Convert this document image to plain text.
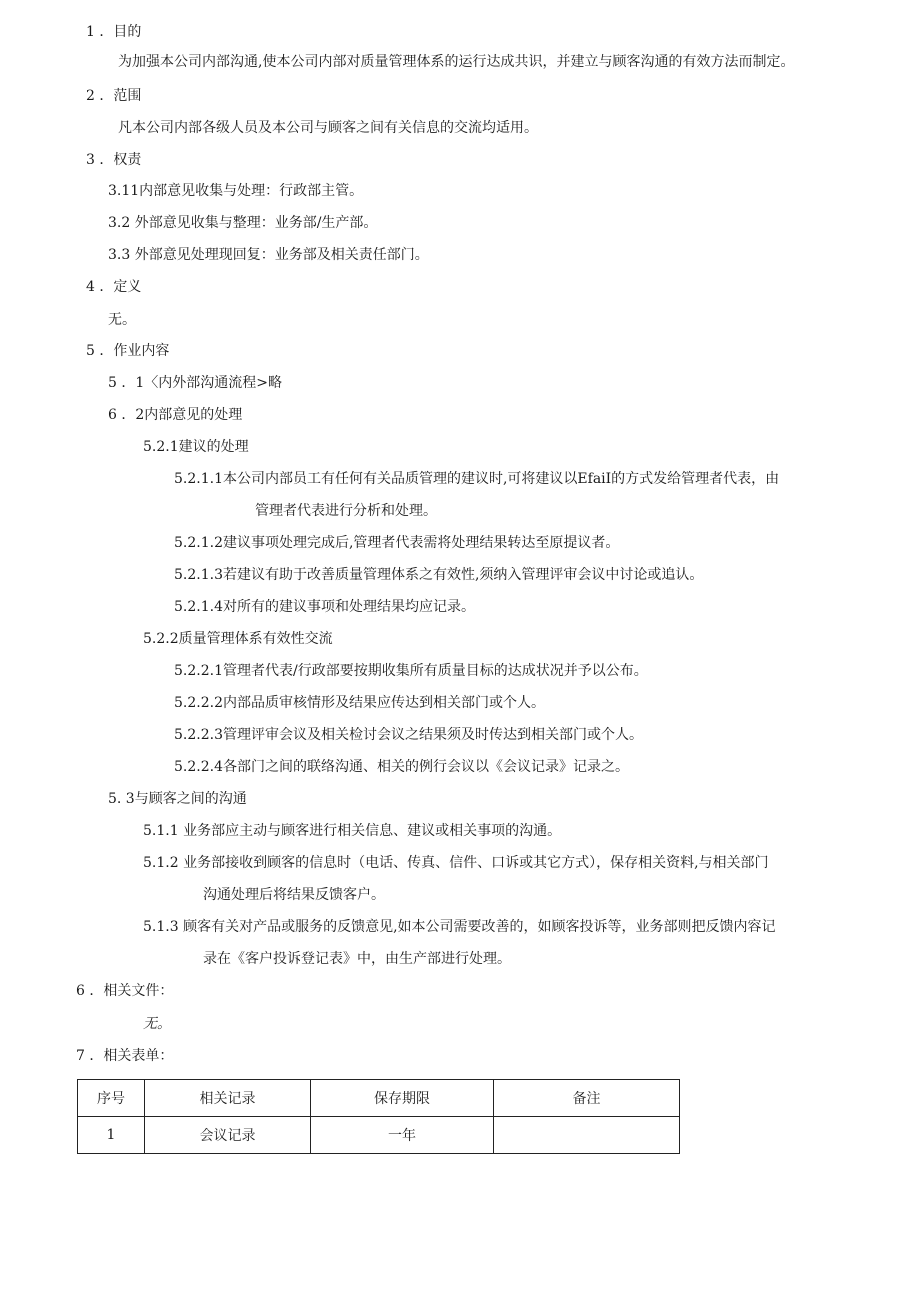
1 ．目的
为加强本公司内部沟通,使本公司内部对质量管理体系的运行达成共识，并建立与顾客沟通的有效方法而制定。
2 ．范围
凡本公司内部各级人员及本公司与顾客之间有关信息的交流均适用。
3 ．权责
3.11内部意见收集与处理：行政部主管。
3.2 外部意见收集与整理：业务部/生产部。
3.3 外部意见处理现回复：业务部及相关责任部门。
4 ．定义
无。
5 ．作业内容
5 ．1〈内外部沟通流程>略
6 ．2内部意见的处理
5.2.1建议的处理
5.2.1.1本公司内部员工有任何有关品质管理的建议时,可将建议以EfaiI的方式发给管理者代表，由
管理者代表进行分析和处理。
5.2.1.2建议事项处理完成后,管理者代表需将处理结果转达至原提议者。
5.2.1.3若建议有助于改善质量管理体系之有效性,须纳入管理评审会议中讨论或追认。
5.2.1.4对所有的建议事项和处理结果均应记录。
5.2.2质量管理体系有效性交流
5.2.2.1管理者代表/行政部要按期收集所有质量目标的达成状况并予以公布。
5.2.2.2内部品质审核情形及结果应传达到相关部门或个人。
5.2.2.3管理评审会议及相关检讨会议之结果须及时传达到相关部门或个人。
5.2.2.4各部门之间的联络沟通、相关的例行会议以《会议记录》记录之。
5. 3与顾客之间的沟通
5.1.1 业务部应主动与顾客进行相关信息、建议或相关事项的沟通。
5.1.2 业务部接收到顾客的信息时（电话、传真、信件、口诉或其它方式），保存相关资料,与相关部门
沟通处理后将结果反馈客户。
5.1.3 顾客有关对产品或服务的反馈意见,如本公司需要改善的，如顾客投诉等，业务部则把反馈内容记
录在《客户投诉登记表》中，由生产部进行处理。
6 ．相关文件：
无。
7 ．相关表单：
序号	相关记录	保存期限	备注
1	会议记录	一年	
